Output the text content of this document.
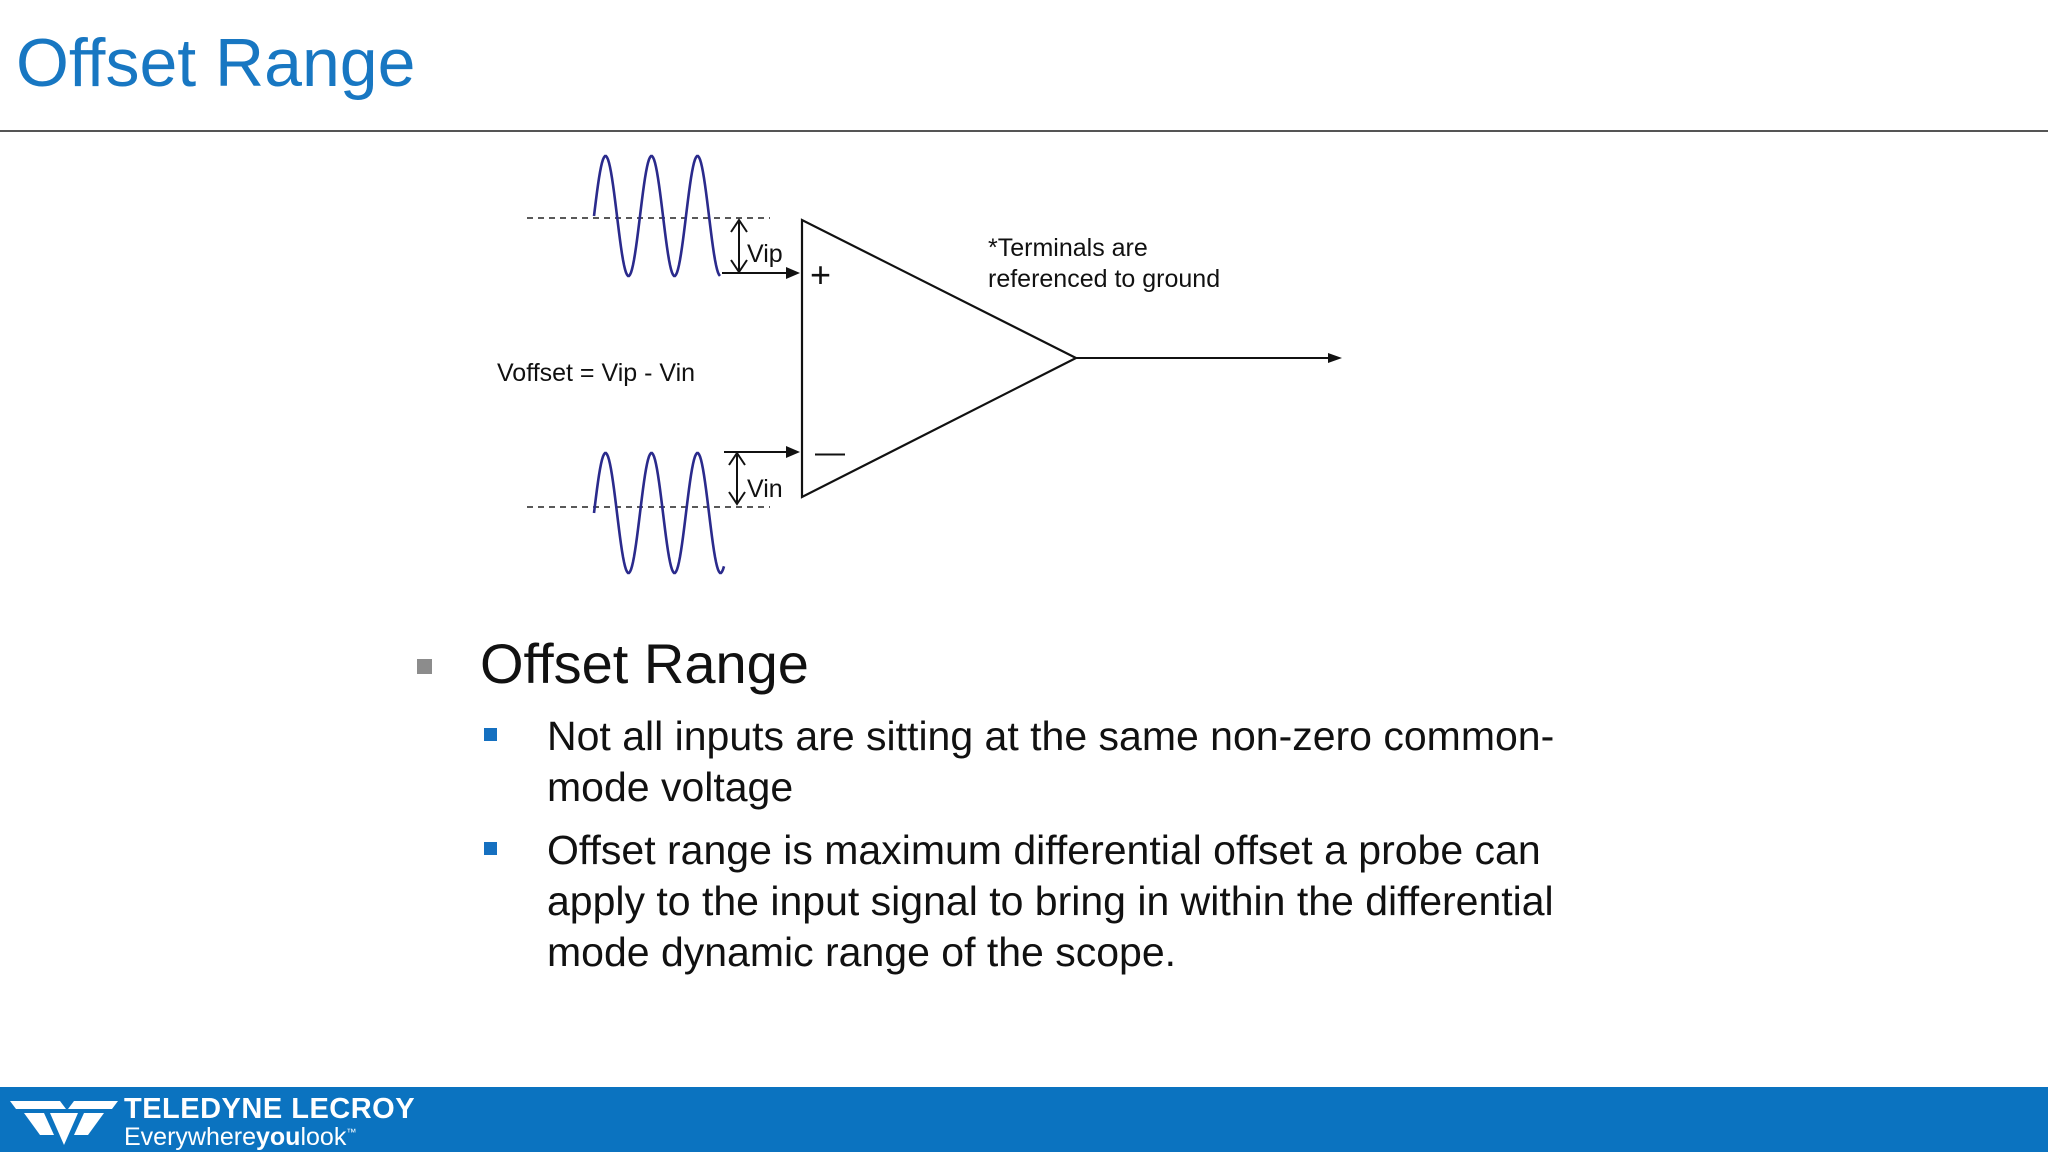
Offset Range
Vip
Vin
+
—
Voffset = Vip - Vin
*Terminals are
referenced to ground
Offset Range
Not all inputs are sitting at the same non-zero common-
mode voltage
Offset range is maximum differential offset a probe can
apply to the input signal to bring in within the differential
mode dynamic range of the scope.
TELEDYNE LECROY
Everywhereyoulook™
